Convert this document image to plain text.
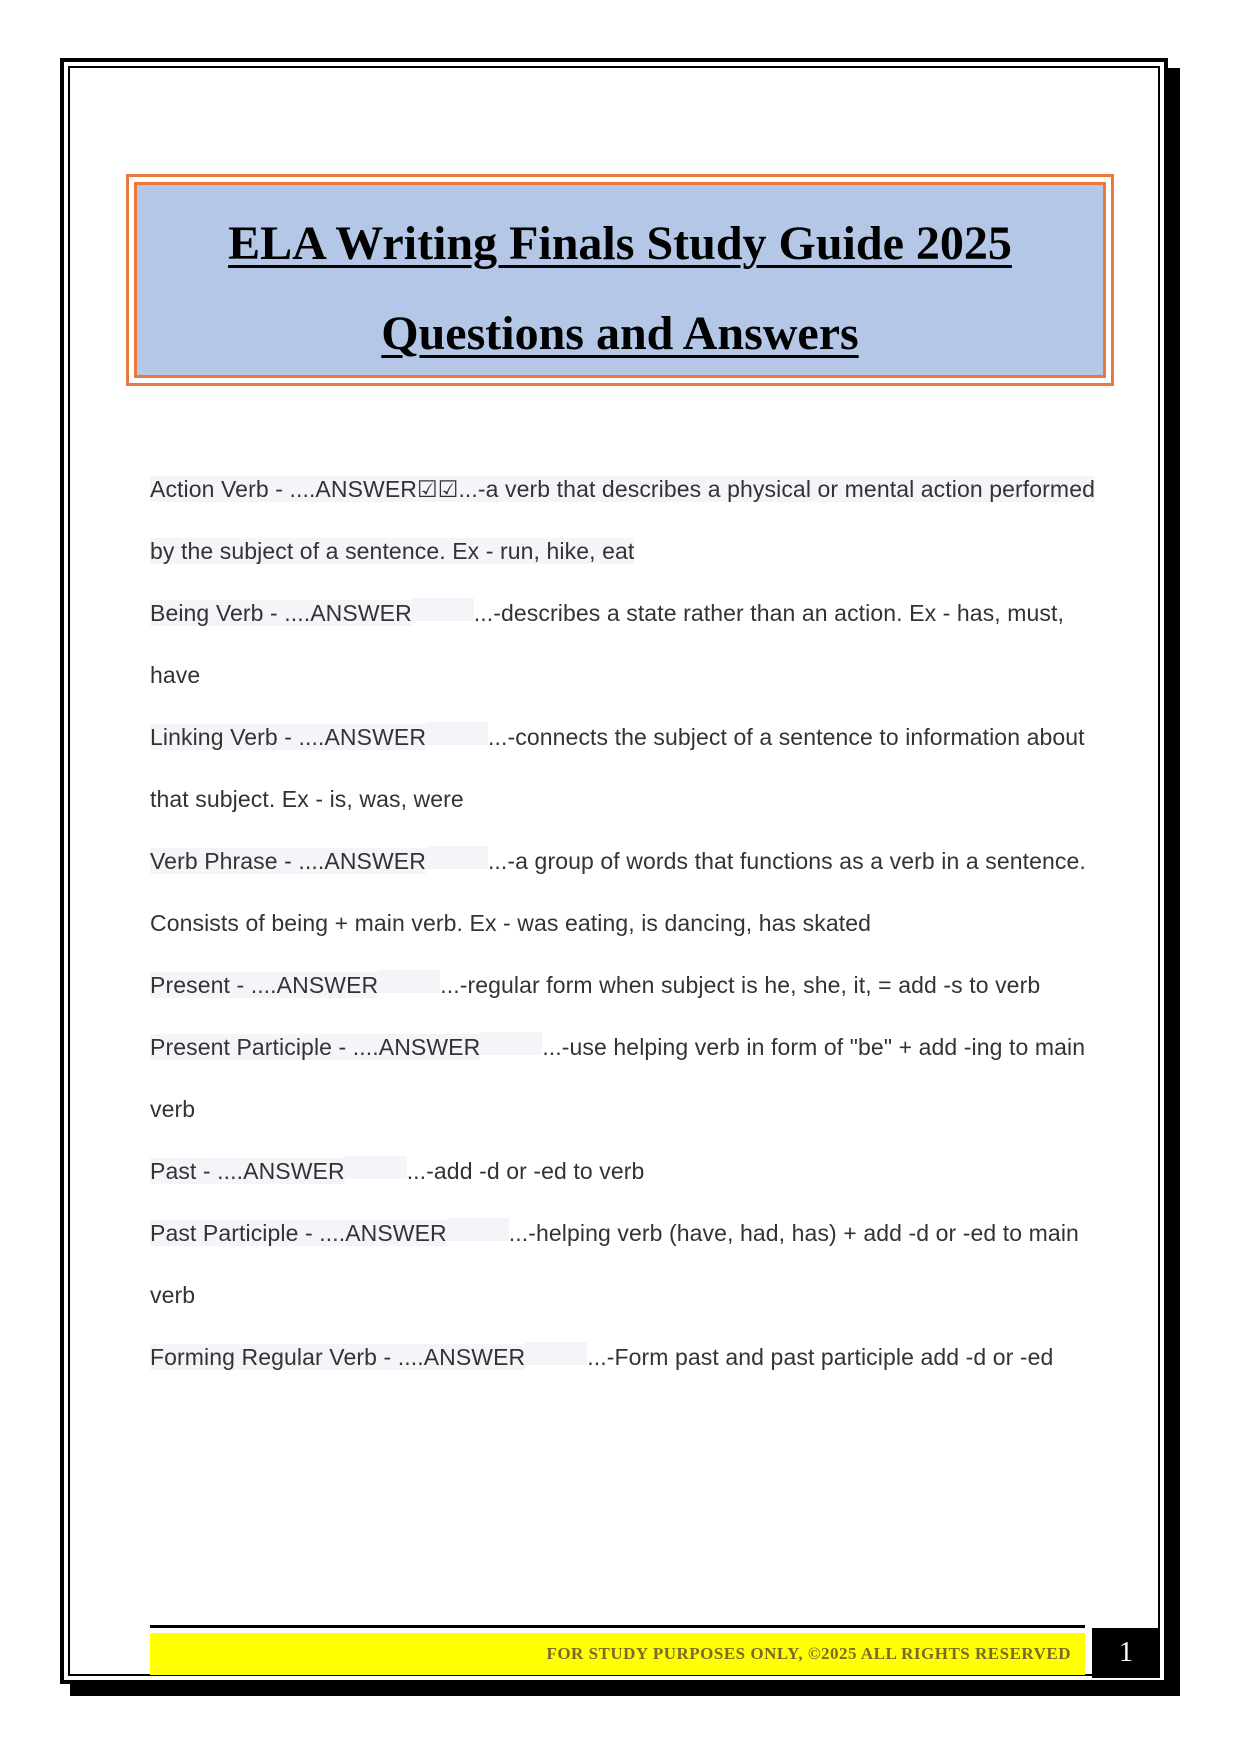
ELA Writing Finals Study Guide 2025
Questions and Answers

Action Verb - ....ANSWER☑☑...-a verb that describes a physical or mental action performed by the subject of a sentence. Ex - run, hike, eat

Being Verb - ....ANSWER	...-describes a state rather than an action. Ex - has, must, have

Linking Verb - ....ANSWER	...-connects the subject of a sentence to information about that subject. Ex - is, was, were

Verb Phrase - ....ANSWER	...-a group of words that functions as a verb in a sentence. Consists of being + main verb. Ex - was eating, is dancing, has skated

Present - ....ANSWER	...-regular form when subject is he, she, it, = add -s to verb

Present Participle - ....ANSWER	...-use helping verb in form of "be" + add -ing to main verb

Past - ....ANSWER	...-add -d or -ed to verb

Past Participle - ....ANSWER	...-helping verb (have, had, has) + add -d or -ed to main verb

Forming Regular Verb - ....ANSWER	...-Form past and past participle add -d or -ed

FOR STUDY PURPOSES ONLY, ©2025 ALL RIGHTS RESERVED	1
